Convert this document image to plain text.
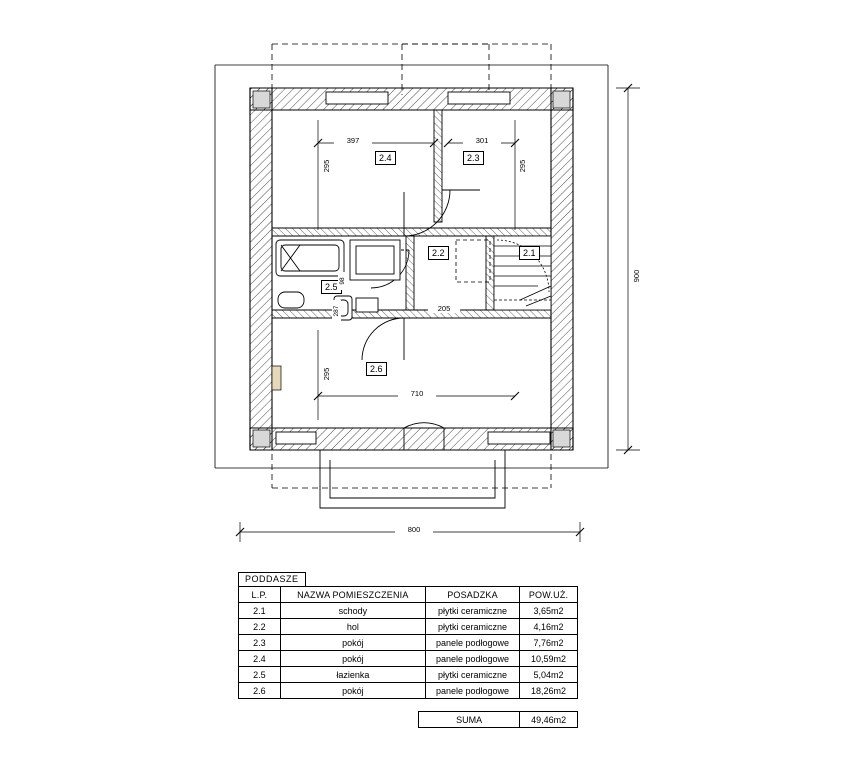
2.1
2.2
2.3
2.4
2.5
2.6
397	301
205
710
800
295	295
295
98
287
900
PODDASZE
L.P.	NAZWA POMIESZCZENIA	POSADZKA	POW.UŻ.
2.1	schody	płytki ceramiczne	3,65m2
2.2	hol	płytki ceramiczne	4,16m2
2.3	pokój	panele podłogowe	7,76m2
2.4	pokój	panele podłogowe	10,59m2
2.5	łazienka	płytki ceramiczne	5,04m2
2.6	pokój	panele podłogowe	18,26m2
SUMA	49,46m2
